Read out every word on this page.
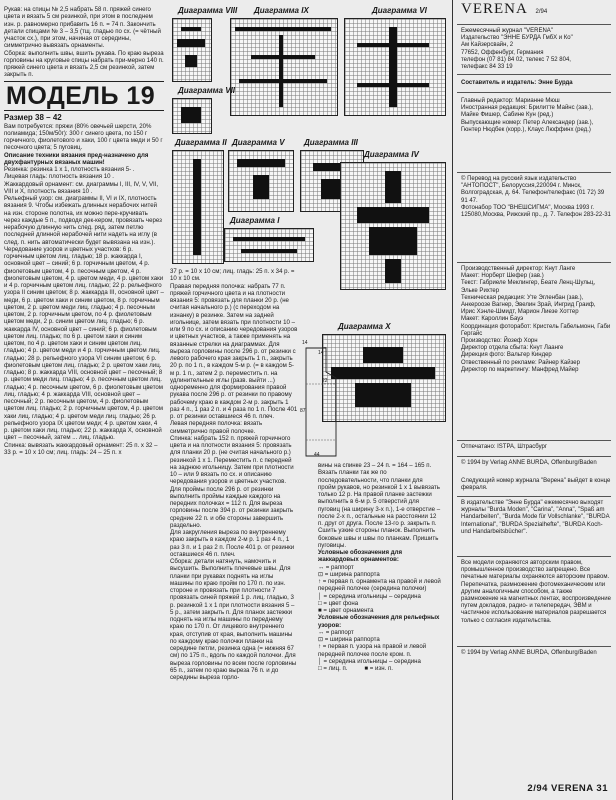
Рукав: на спицы № 2,5 набрать 58 п. пряжей синего цвета и вязать 5 см резинкой, при этом в последнем изн. р. равномерно прибавить 16 п. = 74 п. Закончить детали спицами № 3 – 3,5 (тщ. гладью по сх. (= чётный участок сх.), при этом, начиная от середины, симметрично вывязать орнаменты.

Сборка: выполнить швы, вшить рукава. По краю выреза горловины на круговые спицы набрать при-мерно 140 п. пряжей синего цвета и вязать 2,5 см резинкой, затем закрыть п.

МОДЕЛЬ 19

Размер 38 – 42

Вам потребуется: пряжи (80% овечьей шерсти, 20% полиамида; 150м/50г): 300 г синего цвета, по 150 г горчичного, фиолетового и хаки, 100 г цвета меди и 50 г песочного цвета; 5 пуговиц.

Описание техники вязания пред-назначено для двухфантурных вязаных машин!

Резинка: резинка 1 х 1, плотность вязания 5- .

Лицевая гладь: плотность вязания 10 .

Жаккардовый орнамент: см. диаграммы I, III, IV, V, VII, VIII и X, плотность вязания 10 .

Рельефный узор: см. диаграммы II, VI и IX, плотность вязания 9. Чтобы избежать длинных нерабочих нитей на изн. стороне полотна, их можно пере-кручивать через каждые 5 п., подводя дек-кером, провязать через нерабочую длинную нить след. ряд, затем петлю последней длинной нерабочей нити надеть на иглу (в след. п. нить автоматически будет вывязана на изн.).

Чередование узоров и цветных участков: 6 р. горчичным цветом лиц. гладью; 18 р. жаккарда I, основной цвет – синий; 6 р. горчичным цветом, 4 р. фиолетовым цветом, 4 р. песочным цветом, 4 р. фиолетовым цветом, 4 р. цветом меди, 4 р. цветом хаки и 4 р. горчичным цветом лиц. гладью; 22 р. рельефного узора II синим цветом; 8 р. жаккарда III, основной цвет – меди, 6 р. цветом хаки и синим цветом, 8 р. горчичным цветом, 2 р. цветом меди лиц. гладью; 4 р. песочным цветом, 2 р. горчичным цветом, по 4 р. фиолетовым цветом меди, 2 р. синим цветом лиц. гладью; 6 р. жаккарда IV, основной цвет – синий; 6 р. фиолетовым цветом лиц. гладью; по 6 р. цветом хаки и синим цветом, по 4 р. цветом хаки и синим цветом лиц. гладью; 4 р. цветом меди и 4 р. горчичным цветом лиц. гладью; 28 р. рельефного узора VI синим цветом; 6 р. фиолетовым цветом лиц. гладью; 2 р. цветом хаки лиц. гладью; 8 р. жаккарда VIII, основной цвет – песочный; 8 р. цветом меди лиц. гладью; 4 р. песочным цветом лиц. гладью; 4 р. песочным цветом, 6 р. фиолетовым цветом лиц. гладью; 4 р. жаккарда VIII, основной цвет – песочный; 2 р. песочным цветом, 4 р. фиолетовым цветом лиц. гладью; 2 р. горчичным цветом, 4 р. цветом хаки лиц. гладью; 4 р. цветом меди лиц. гладью; 26 р. рельефного узора IX цветом меди; 4 р. цветом хаки, 4 р. цветом хаки лиц. гладью; 22 р. жаккарда X, основной цвет – песочный, затем ... лиц. гладью.

Спинка: вывязать жаккардовый орнамент: 25 п. х 32 – 33 р. = 10 х 10 см; лиц. гладь: 24 – 25 п. х

Диаграмма VIII Диаграмма IX	Диаграмма VI
Диаграмма VII
Диаграмма II Диаграмма V Диаграмма III
Диаграмма I
Диаграмма IV
Диаграмма X
14
14
87
22
44

37 р. = 10 х 10 см; лиц. гладь: 25 п. х 34 р. = 10 х 10 см.

Правая передняя полочка: набрать 77 п. пряжей горчичного цвета и на плотности вязания 5: провязать для планки 20 р. (не считая начального р.) (с переходом на изнанку) в резинке. Затем на задней игольнице, затем вязать при плотности 10 – или 9 по сх. и описанию чередования узоров и цветных участков, а также применять на вязанные стрелки на диаграммах. Для выреза горловины после 296 р. от резинки с левого рабочего края закрыть 1 п., закрыть 20 р. по 1 п., в каждом 5-м р. (= в каждом 5-м р. 1 п., затем 2 р. переместить п. на удлинительные иглы (разв. выйти ...) одноременно для формирования правой рукава после 296 р. от резинки по правому рабочему краю в каждом 2-м р. закрыть 1 раз 4 п., 1 раз 2 п. и 4 раза по 1 п. После 401 р. от резинки оставшиеся 46 п. плеч.

Левая передняя полочка: вязать симметрично правой полочке.

Спинка: набрать 152 п. пряжей горчичного цвета и на плотности вязания 5: провязать для планки 20 р. (не считая начального р.) резинкой 1 х 1. Переместить п. с передней на заднюю игольницу. Затем при плотности 10 – или 9 вязать по сх. и описанию чередования узоров и цветных участков. Для проймы после 296 р. от резинки выполнить проймы каждые каждого на передних полочках = 112 п. Для выреза горловины после 394 р. от резинки закрыть средние 22 п. и обе стороны завершить раздельно.

Для закругления выреза по внутреннему краю закрыть в каждом 2-м р. 1 раз 4 п., 1 раз 3 п. и 1 раз 2 п. После 401 р. от резинки оставшиеся 46 п. плеч.

Сборка: детали натянуть, намочить и высушить. Выполнить плечевые швы. Для планки при рукавах поднять на иглы машины по краю пройм по 170 п. по изн. стороне и провязать при плотности 7 провязать синей пряжей 1 р. лиц. гладью, 3 р. резинкой 1 х 1 при плотности вязания 5 – 5 р., затем закрыть п. Для планок застежки поднять на иглы машины по переднему краю по 170 п. От лицевого внутреннего края, отступив от края, выполнить машины по каждому краю полочки планки на середине петли, резинка одна (= нижняя 67 см) по 175 п., вдоль по каждой полочки. Для выреза горловины по всем после горловины 65 п., затем по краю выреза 76 п. и до середины выреза горло-

вины на спинке 23 – 24 п. = 164 – 165 п. Вязать планки так же по последовательности, что планки для пройм рукавов, но резинкой 1 х 1 вывязать только 12 р. На правой планке застежки выполнить в 6-м р. 5 отверстий для пуговиц (на ширину 3-х п.), 1-е отверстие – после 2-х п., остальные на расстоянии 12 п. друг от друга. После 13-го р. закрыть п. Сшить узкие стороны планок. Выполнить боковые швы и швы по планкам. Пришить пуговицы.

Условные обозначения для жаккардовых орнаментов:

↔ = раппорт

⊡ = ширина раппорта

↑ = первая п. орнамента на правой и левой передней полочке (середина полочки)

│ = середина игольницы – середина

□ = цвет фона

■ = цвет орнамента

Условные обозначения для рельефных узоров:

↔ = раппорт

⊡ = ширина раппорта

↑ = первая п. узора на правой и левой передней полочке после кром. п.

│ = середина игольницы – середина

□ = лиц. п.          ■ = изн. п.

VERENA 2/94

Ежемесячный журнал "VERENA"
Издательство "ЭННЕ БУРДА ГмбХ и Ко"
Ам Кайзерсвайн, 2
77652, Оффенбург, Германия
телефон (07 81) 84 02, телекс 7 52 804,
телефакс 84 33 19

Составитель и издатель: Энне Бурда

Главный редактор: Марианне Мюш
Иностранная редакция: Брилитте Майнс (зав.), Майке Фишер, Сабине Кун (ред.)
Выпускающие номер: Петер Александер (зав.), Гюнтер Нюдбек (корр.), Клаус Люффинх (ред.)

© Перевод на русский язык издательство "АНТОПОСТ", Белоруссия,220094 г. Минск, Волгоградская, д. 64. Телефон/телефакс (01 72) 39 91 47.
Фотонабор ТОО "ВНЕШСИГМА", Москва 1993 г.
125080,Москва, Рижский пр., д. 7. Телефон 283-22-31

Производственный директор: Кнут Ланге
Макет: Норберт Шефер (зав.)
Текст: Габриеле Меклингер, Беате Ленц-Шульц, Эльке Рихтер
Техническая редакция: Уте Эгленбан (зав.), Анкероозе Вагнер, Эвелин Зрай, Ингрид Граиф, Ирис Хэнле-Шмидт, Марион Лиезе Хоттер
Макет: Кароллин Бауэ
Координация фоторабот: Кристель Габельмонн, Габи Гергайс
Производство: Йозеф Хорн
Директор отдела сбыта: Кнут Лаанге
Дирекция фото: Вальтер Киндер
Отвественный по рекламе: Райнер Кайзер
Директор по маркетингу: Манфред Майер

Отпечатано: ISTPA, Штрасбург

© 1994 by Verlag ANNE BURDA, Offenburg/Baden

Следующий номер журнала "Верена" выйдет в конце февраля.

В издательстве "Энне Бурда" ежемесячно выходят журналы "Burda Moden", "Carina", "Anna", "Spaß am Handarbeiten", "Burda Mode für Vollschlanke", "BURDA International", "BURDA Spezialhefte", "BURDA Koch- und Handarbeitsbücher".

Все модели охраняются авторским правом, промышленное производство запрещено. Все печатные материалы охраняются авторским правом. Перепечатка, размножение фотомеханическим или другим аналогичным способом, а также размножение на магнитных лентах, воспроизведение путем докладов, радио- и телепередач, ЭВМ и частичное использование материалов разрешается только с согласия издательства.

© 1994 by Verlag ANNE BURDA, Offenburg/Baden

2/94 VERENA 31
